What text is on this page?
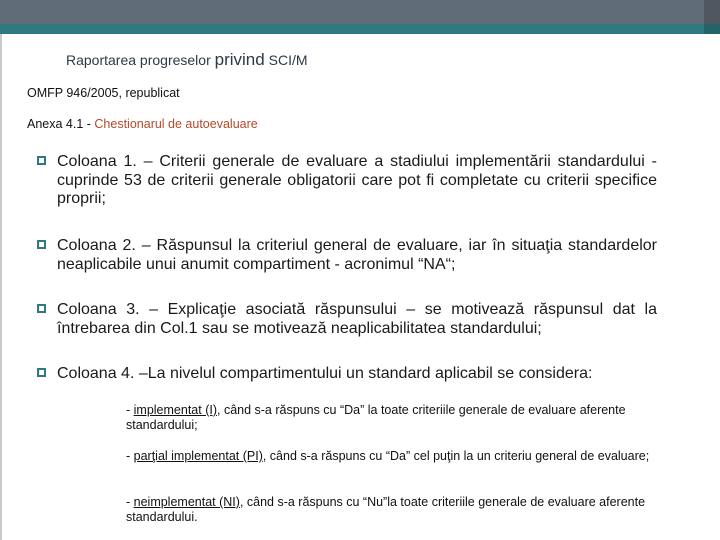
Raportarea progreselor privind SCI/M
OMFP 946/2005, republicat
Anexa 4.1 - Chestionarul de autoevaluare
Coloana 1. – Criterii generale de evaluare a stadiului implementării standardului - cuprinde 53 de criterii generale obligatorii care pot fi completate cu criterii specifice proprii;
Coloana 2. – Răspunsul la criteriul general de evaluare, iar în situaţia standardelor neaplicabile unui anumit compartiment - acronimul “NA“;
Coloana 3. – Explicaţie asociată răspunsului – se motivează răspunsul dat la întrebarea din Col.1 sau se motivează neaplicabilitatea standardului;
Coloana 4. –La nivelul compartimentului un standard aplicabil se considera:
- implementat (I), când s-a răspuns cu “Da” la toate criteriile generale de evaluare aferente standardului;
- parţial implementat (PI), când s-a răspuns cu “Da” cel puţin la un criteriu general de evaluare;
- neimplementat (NI), când s-a răspuns cu “Nu”la toate criteriile generale de evaluare aferente standardului.
